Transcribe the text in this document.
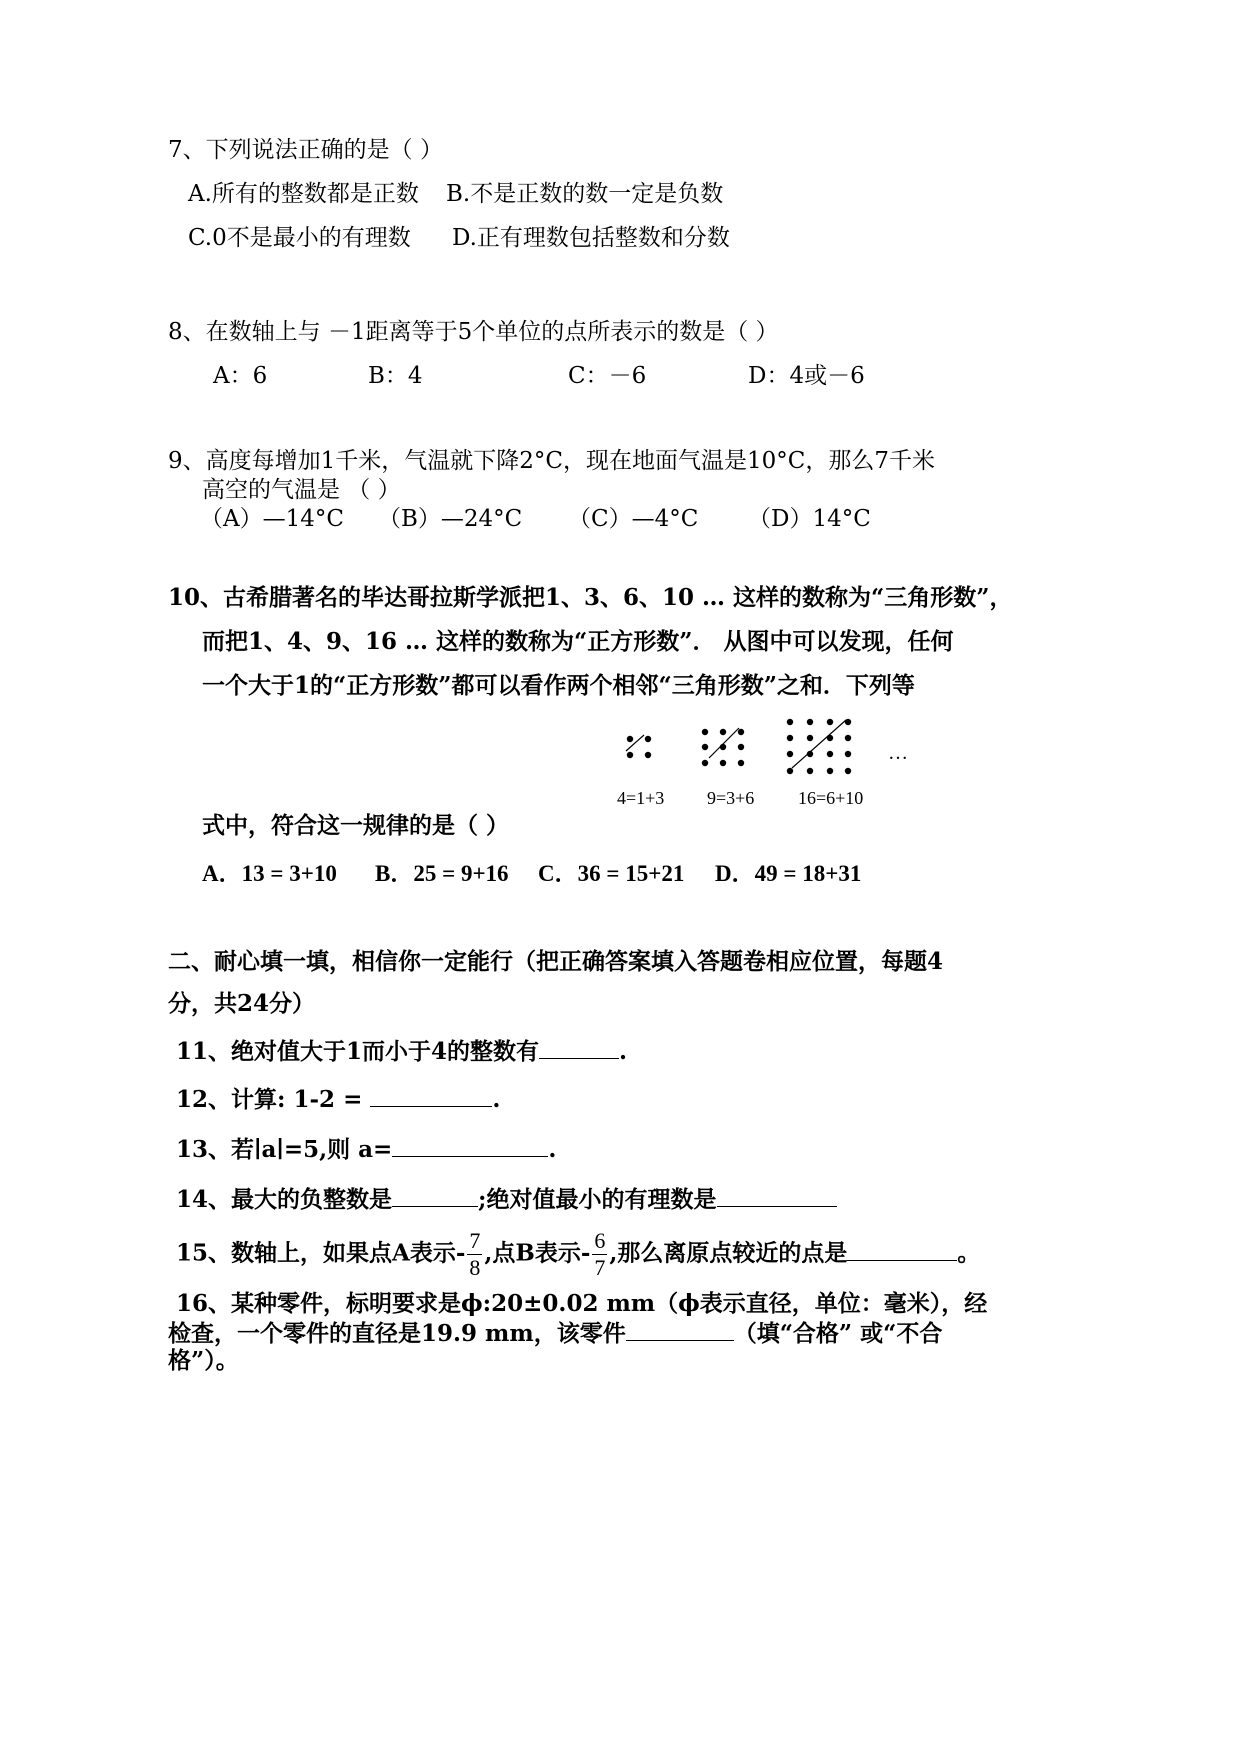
7、下列说法正确的是（ ）
A.所有的整数都是正数 B.不是正数的数一定是负数
C.0不是最小的有理数 D.正有理数包括整数和分数
8、在数轴上与 －1距离等于5个单位的点所表示的数是（ ）
A：6	B：4	C：－6	D：4或－6
9、高度每增加1千米，气温就下降2°C，现在地面气温是10°C，那么7千米
高空的气温是 （ ）
（A）—14°C （B）—24°C （C）—4°C （D）14°C
10、古希腊著名的毕达哥拉斯学派把1、3、6、10 … 这样的数称为“三角形数”，
而把1、4、9、16 … 这样的数称为“正方形数”． 从图中可以发现，任何
一个大于1的“正方形数”都可以看作两个相邻“三角形数”之和．下列等
…
4=1+3 9=3+6 16=6+10
式中，符合这一规律的是（ ）
A．13 = 3+10 B．25 = 9+16 C．36 = 15+21 D．49 = 18+31
二、耐心填一填，相信你一定能行（把正确答案填入答题卷相应位置，每题4
分，共24分）
11、绝对值大于1而小于4的整数有	.
12、计算: 1-2 =	.
13、若∣a∣=5,则 a=	.
14、最大的负整数是	;绝对值最小的有理数是
15、数轴上，如果点A表示- $\frac{7}{8}$ ,点B表示- $\frac{6}{7}$ ,那么离原点较近的点是	。
16、某种零件，标明要求是ϕ:20±0.02 mm（ϕ表示直径，单位：毫米），经
检查，一个零件的直径是19.9 mm，该零件	（填“合格” 或“不合
格”）。
